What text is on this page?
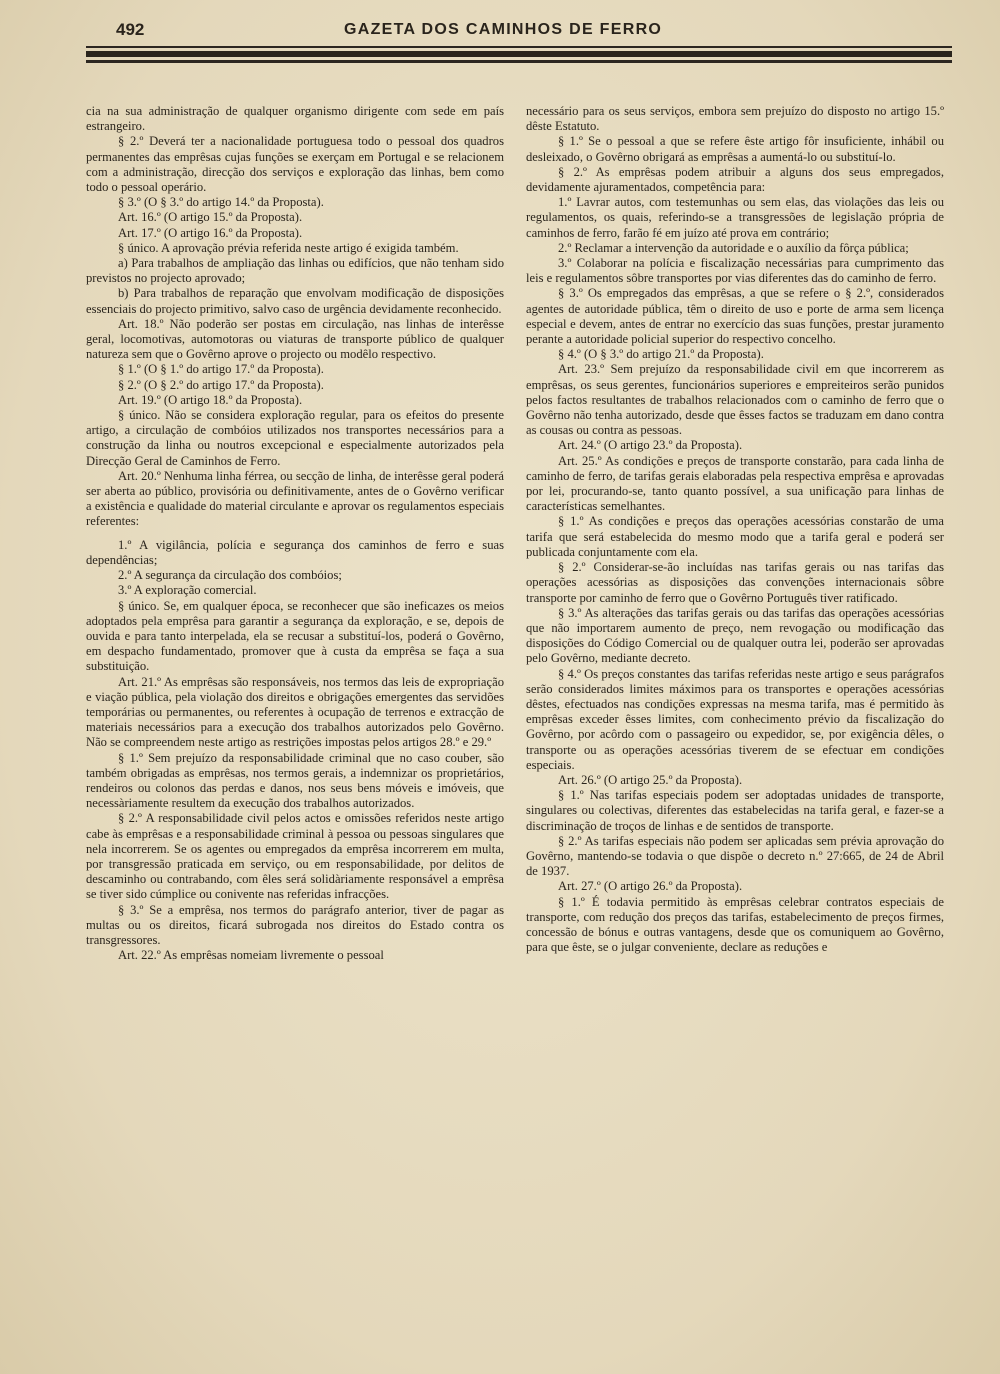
492	GAZETA DOS CAMINHOS DE FERRO

cia na sua administração de qualquer organismo dirigente com sede em país estrangeiro.

§ 2.º Deverá ter a nacionalidade portuguesa todo o pessoal dos quadros permanentes das emprêsas cujas funções se exerçam em Portugal e se relacionem com a administração, direcção dos serviços e exploração das linhas, bem como todo o pessoal operário.

§ 3.º (O § 3.º do artigo 14.º da Proposta).

Art. 16.º (O artigo 15.º da Proposta).

Art. 17.º (O artigo 16.º da Proposta).

§ único. A aprovação prévia referida neste artigo é exigida também.

a) Para trabalhos de ampliação das linhas ou edifícios, que não tenham sido previstos no projecto aprovado;

b) Para trabalhos de reparação que envolvam modificação de disposições essenciais do projecto primitivo, salvo caso de urgência devidamente reconhecido.

Art. 18.º Não poderão ser postas em circulação, nas linhas de interêsse geral, locomotivas, automotoras ou viaturas de transporte público de qualquer natureza sem que o Govêrno aprove o projecto ou modêlo respectivo.

§ 1.º (O § 1.º do artigo 17.º da Proposta).

§ 2.º (O § 2.º do artigo 17.º da Proposta).

Art. 19.º (O artigo 18.º da Proposta).

§ único. Não se considera exploração regular, para os efeitos do presente artigo, a circulação de combóios utilizados nos transportes necessários para a construção da linha ou noutros excepcional e especialmente autorizados pela Direcção Geral de Caminhos de Ferro.

Art. 20.º Nenhuma linha férrea, ou secção de linha, de interêsse geral poderá ser aberta ao público, provisória ou definitivamente, antes de o Govêrno verificar a existência e qualidade do material circulante e aprovar os regulamentos especiais referentes:

1.º A vigilância, polícia e segurança dos caminhos de ferro e suas dependências;

2.º A segurança da circulação dos combóios;

3.º A exploração comercial.

§ único. Se, em qualquer época, se reconhecer que são ineficazes os meios adoptados pela emprêsa para garantir a segurança da exploração, e se, depois de ouvida e para tanto interpelada, ela se recusar a substituí-los, poderá o Govêrno, em despacho fundamentado, promover que à custa da emprêsa se faça a sua substituição.

Art. 21.º As emprêsas são responsáveis, nos termos das leis de expropriação e viação pública, pela violação dos direitos e obrigações emergentes das servidões temporárias ou permanentes, ou referentes à ocupação de terrenos e extracção de materiais necessários para a execução dos trabalhos autorizados pelo Govêrno. Não se compreendem neste artigo as restrições impostas pelos artigos 28.º e 29.º

§ 1.º Sem prejuízo da responsabilidade criminal que no caso couber, são também obrigadas as emprêsas, nos termos gerais, a indemnizar os proprietários, rendeiros ou colonos das perdas e danos, nos seus bens móveis e imóveis, que necessàriamente resultem da execução dos trabalhos autorizados.

§ 2.º A responsabilidade civil pelos actos e omissões referidos neste artigo cabe às emprêsas e a responsabilidade criminal à pessoa ou pessoas singulares que nela incorrerem. Se os agentes ou empregados da emprêsa incorrerem em multa, por transgressão praticada em serviço, ou em responsabilidade, por delitos de descaminho ou contrabando, com êles será solidàriamente responsável a emprêsa se tiver sido cúmplice ou conivente nas referidas infracções.

§ 3.º Se a emprêsa, nos termos do parágrafo anterior, tiver de pagar as multas ou os direitos, ficará subrogada nos direitos do Estado contra os transgressores.

Art. 22.º As emprêsas nomeiam livremente o pessoal

necessário para os seus serviços, embora sem prejuízo do disposto no artigo 15.º dêste Estatuto.

§ 1.º Se o pessoal a que se refere êste artigo fôr insuficiente, inhábil ou desleixado, o Govêrno obrigará as emprêsas a aumentá-lo ou substituí-lo.

§ 2.º As emprêsas podem atribuir a alguns dos seus empregados, devidamente ajuramentados, competência para:

1.º Lavrar autos, com testemunhas ou sem elas, das violações das leis ou regulamentos, os quais, referindo-se a transgressões de legislação própria de caminhos de ferro, farão fé em juízo até prova em contrário;

2.º Reclamar a intervenção da autoridade e o auxílio da fôrça pública;

3.º Colaborar na polícia e fiscalização necessárias para cumprimento das leis e regulamentos sôbre transportes por vias diferentes das do caminho de ferro.

§ 3.º Os empregados das emprêsas, a que se refere o § 2.º, considerados agentes de autoridade pública, têm o direito de uso e porte de arma sem licença especial e devem, antes de entrar no exercício das suas funções, prestar juramento perante a autoridade policial superior do respectivo concelho.

§ 4.º (O § 3.º do artigo 21.º da Proposta).

Art. 23.º Sem prejuízo da responsabilidade civil em que incorrerem as emprêsas, os seus gerentes, funcionários superiores e empreiteiros serão punidos pelos factos resultantes de trabalhos relacionados com o caminho de ferro que o Govêrno não tenha autorizado, desde que êsses factos se traduzam em dano contra as cousas ou contra as pessoas.

Art. 24.º (O artigo 23.º da Proposta).

Art. 25.º As condições e preços de transporte constarão, para cada linha de caminho de ferro, de tarifas gerais elaboradas pela respectiva emprêsa e aprovadas por lei, procurando-se, tanto quanto possível, a sua unificação para linhas de características semelhantes.

§ 1.º As condições e preços das operações acessórias constarão de uma tarifa que será estabelecida do mesmo modo que a tarifa geral e poderá ser publicada conjuntamente com ela.

§ 2.º Considerar-se-ão incluídas nas tarifas gerais ou nas tarifas das operações acessórias as disposições das convenções internacionais sôbre transporte por caminho de ferro que o Govêrno Português tiver ratificado.

§ 3.º As alterações das tarifas gerais ou das tarifas das operações acessórias que não importarem aumento de preço, nem revogação ou modificação das disposições do Código Comercial ou de qualquer outra lei, poderão ser aprovadas pelo Govêrno, mediante decreto.

§ 4.º Os preços constantes das tarifas referidas neste artigo e seus parágrafos serão considerados limites máximos para os transportes e operações acessórias dêstes, efectuados nas condições expressas na mesma tarifa, mas é permitido às emprêsas exceder êsses limites, com conhecimento prévio da fiscalização do Govêrno, por acôrdo com o passageiro ou expedidor, se, por exigência dêles, o transporte ou as operações acessórias tiverem de se efectuar em condições especiais.

Art. 26.º (O artigo 25.º da Proposta).

§ 1.º Nas tarifas especiais podem ser adoptadas unidades de transporte, singulares ou colectivas, diferentes das estabelecidas na tarifa geral, e fazer-se a discriminação de troços de linhas e de sentidos de transporte.

§ 2.º As tarifas especiais não podem ser aplicadas sem prévia aprovação do Govêrno, mantendo-se todavia o que dispõe o decreto n.º 27:665, de 24 de Abril de 1937.

Art. 27.º (O artigo 26.º da Proposta).

§ 1.º É todavia permitido às emprêsas celebrar contratos especiais de transporte, com redução dos preços das tarifas, estabelecimento de preços firmes, concessão de bónus e outras vantagens, desde que os comuniquem ao Govêrno, para que êste, se o julgar conveniente, declare as reduções e
